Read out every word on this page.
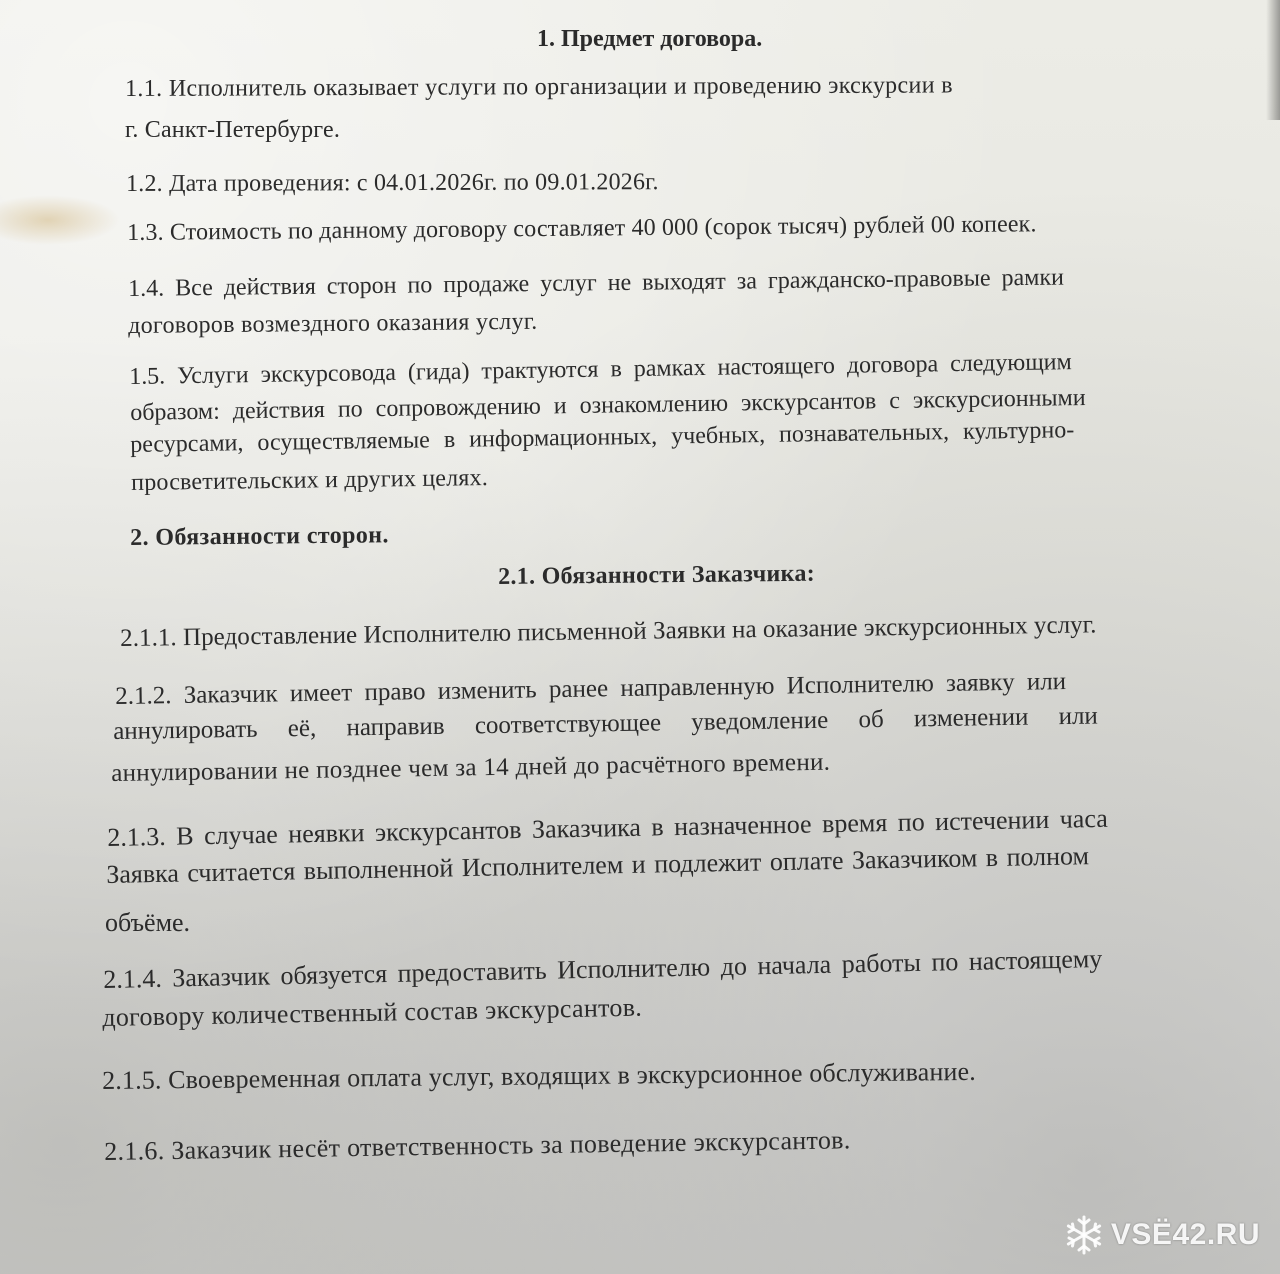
1. Предмет договора.

1.1. Исполнитель оказывает услуги по организации и проведению экскурсии в

г. Санкт-Петербурге.

1.2. Дата проведения: с 04.01.2026г. по 09.01.2026г.

1.3. Стоимость по данному договору составляет 40 000 (сорок тысяч) рублей 00 копеек.

1.4. Все действия сторон по продаже услуг не выходят за гражданско-правовые рамки

договоров возмездного оказания услуг.

1.5. Услуги экскурсовода (гида) трактуются в рамках настоящего договора следующим

образом: действия по сопровождению и ознакомлению экскурсантов с экскурсионными

ресурсами, осуществляемые в информационных, учебных, познавательных, культурно-

просветительских и других целях.

2. Обязанности сторон.

2.1. Обязанности Заказчика:

2.1.1. Предоставление Исполнителю письменной Заявки на оказание экскурсионных услуг.

2.1.2. Заказчик имеет право изменить ранее направленную Исполнителю заявку или

аннулировать её, направив соответствующее уведомление об изменении или

аннулировании не позднее чем за 14 дней до расчётного времени.

2.1.3. В случае неявки экскурсантов Заказчика в назначенное время по истечении часа

Заявка считается выполненной Исполнителем и подлежит оплате Заказчиком в полном

объёме.

2.1.4. Заказчик обязуется предоставить Исполнителю до начала работы по настоящему

договору количественный состав экскурсантов.

2.1.5. Своевременная оплата услуг, входящих в экскурсионное обслуживание.

2.1.6. Заказчик несёт ответственность за поведение экскурсантов.

VSЁ42.RU
